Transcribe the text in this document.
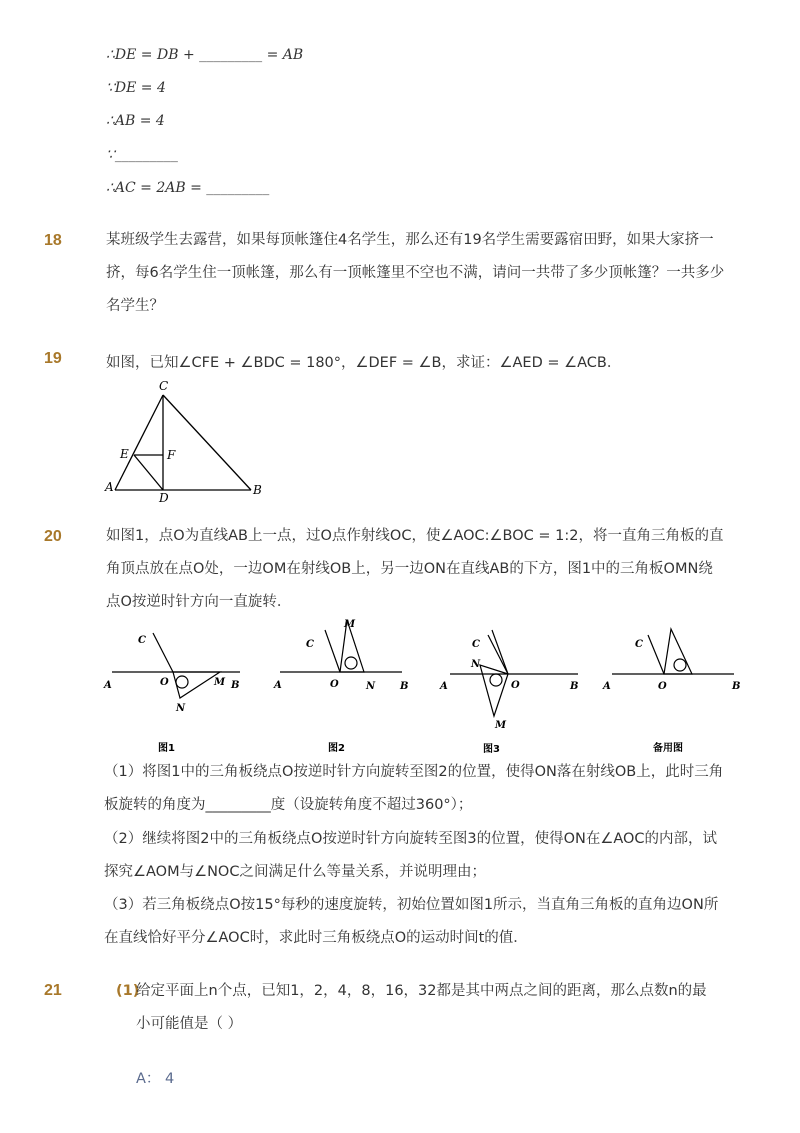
∴DE = DB + _________ = AB
∵DE = 4
∴AB = 4
∵_________
∴AC = 2AB = _________
18	某班级学生去露营，如果每顶帐篷住4名学生，那么还有19名学生需要露宿田野，如果大家挤一挤，每6名学生住一顶帐篷，那么有一顶帐篷里不空也不满，请问一共带了多少顶帐篷？一共多少名学生？
19	如图，已知∠CFE + ∠BDC = 180°，∠DEF = ∠B，求证：∠AED = ∠ACB．
C
E	F
A
D
B
20	如图1，点O为直线AB上一点，过O点作射线OC，使∠AOC:∠BOC = 1:2，将一直角三角板的直角顶点放在点O处，一边OM在射线OB上，另一边ON在直线AB的下方，图1中的三角板OMN绕点O按逆时针方向一直旋转．
C
A	O	M B
N
C
A	O
M
N B
C
A	O
N
M
B
C
A	O	B
图1	图2	图3	备用图
（1）将图1中的三角板绕点O按逆时针方向旋转至图2的位置，使得ON落在射线OB上，此时三角板旋转的角度为_________度（设旋转角度不超过360°）；
（2）继续将图2中的三角板绕点O按逆时针方向旋转至图3的位置，使得ON在∠AOC的内部，试探究∠AOM与∠NOC之间满足什么等量关系，并说明理由；
（3）若三角板绕点O按15°每秒的速度旋转，初始位置如图1所示，当直角三角板的直角边ON所在直线恰好平分∠AOC时，求此时三角板绕点O的运动时间t的值．
21	(1)
给定平面上n个点，已知1，2，4，8，16，32都是其中两点之间的距离，那么点数n的最小可能值是（ ）
A： 4
